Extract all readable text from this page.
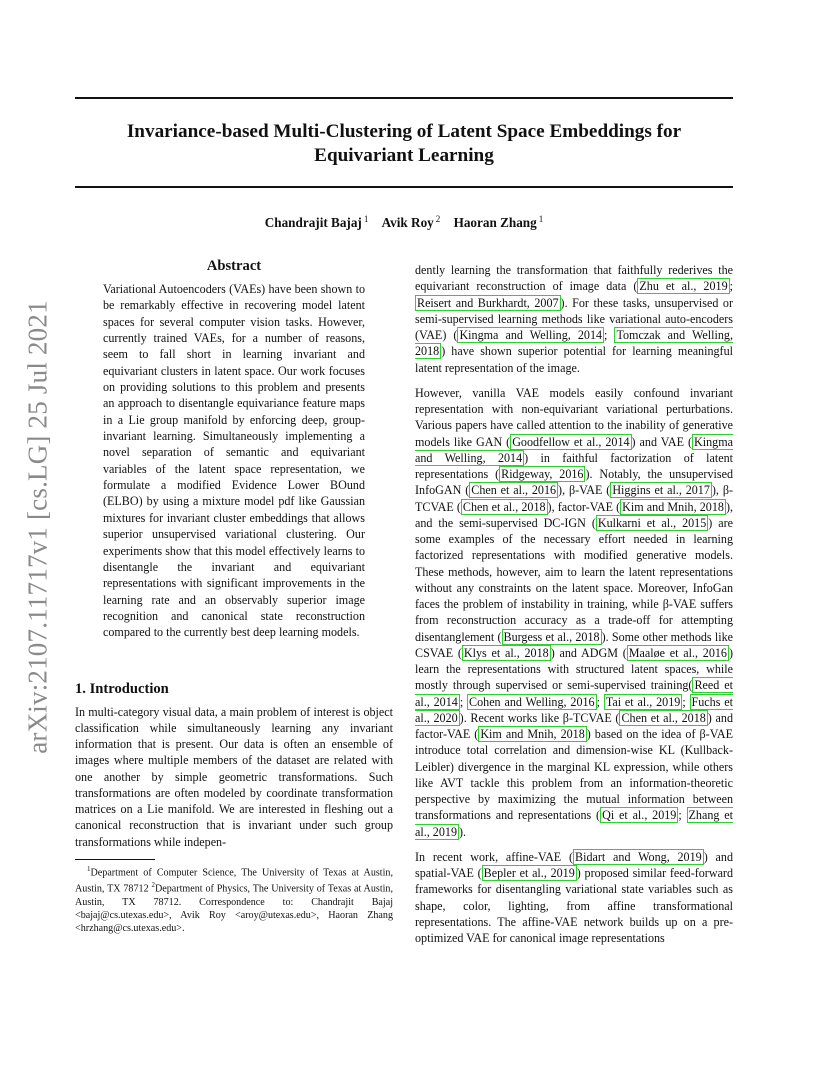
arXiv:2107.11717v1 [cs.LG] 25 Jul 2021
Invariance-based Multi-Clustering of Latent Space Embeddings for
Equivariant Learning
Chandrajit Bajaj $^1$ Avik Roy $^2$ Haoran Zhang $^1$
Abstract

Variational Autoencoders (VAEs) have been shown to be remarkably effective in recovering model latent spaces for several computer vision tasks. However, currently trained VAEs, for a number of reasons, seem to fall short in learning invariant and equivariant clusters in latent space. Our work focuses on providing solutions to this problem and presents an approach to disentangle equivariance feature maps in a Lie group manifold by enforcing deep, group-invariant learning. Simultaneously implementing a novel separation of semantic and equivariant variables of the latent space representation, we formulate a modified Evidence Lower BOund (ELBO) by using a mixture model pdf like Gaussian mixtures for invariant cluster embeddings that allows superior unsupervised variational clustering. Our experiments show that this model effectively learns to disentangle the invariant and equivariant representations with significant improvements in the learning rate and an observably superior image recognition and canonical state reconstruction compared to the currently best deep learning models.

1. Introduction

In multi-category visual data, a main problem of interest is object classification while simultaneously learning any invariant information that is present. Our data is often an ensemble of images where multiple members of the dataset are related with one another by simple geometric transformations. Such transformations are often modeled by coordinate transformation matrices on a Lie manifold. We are interested in fleshing out a canonical reconstruction that is invariant under such group transformations while indepen-

$^1$Department of Computer Science, The University of Texas at Austin, Austin, TX 78712 $^2$Department of Physics, The University of Texas at Austin, Austin, TX 78712. Correspondence to: Chandrajit Bajaj <bajaj@cs.utexas.edu>, Avik Roy <aroy@utexas.edu>, Haoran Zhang <hrzhang@cs.utexas.edu>.

dently learning the transformation that faithfully rederives the equivariant reconstruction of image data ( Zhu et al., 2019 ; Reisert and Burkhardt, 2007 ). For these tasks, unsupervised or semi-supervised learning methods like variational auto-encoders (VAE) ( Kingma and Welling, 2014 ; Tomczak and Welling, 2018 ) have shown superior potential for learning meaningful latent representation of the image.

However, vanilla VAE models easily confound invariant representation with non-equivariant variational perturbations. Various papers have called attention to the inability of generative models like GAN ( Goodfellow et al., 2014 ) and VAE ( Kingma and Welling, 2014 ) in faithful factorization of latent representations ( Ridgeway, 2016 ). Notably, the unsupervised InfoGAN ( Chen et al., 2016 ), β-VAE ( Higgins et al., 2017 ), β-TCVAE ( Chen et al., 2018 ), factor-VAE ( Kim and Mnih, 2018 ), and the semi-supervised DC-IGN ( Kulkarni et al., 2015 ) are some examples of the necessary effort needed in learning factorized representations with modified generative models. These methods, however, aim to learn the latent representations without any constraints on the latent space. Moreover, InfoGan faces the problem of instability in training, while β-VAE suffers from reconstruction accuracy as a trade-off for attempting disentanglement ( Burgess et al., 2018 ). Some other methods like CSVAE ( Klys et al., 2018 ) and ADGM ( Maaløe et al., 2016 ) learn the representations with structured latent spaces, while mostly through supervised or semi-supervised training( Reed et al., 2014 ; Cohen and Welling, 2016 ; Tai et al., 2019 ; Fuchs et al., 2020 ). Recent works like β-TCVAE ( Chen et al., 2018 ) and factor-VAE ( Kim and Mnih, 2018 ) based on the idea of β-VAE introduce total correlation and dimension-wise KL (Kullback-Leibler) divergence in the marginal KL expression, while others like AVT tackle this problem from an information-theoretic perspective by maximizing the mutual information between transformations and representations ( Qi et al., 2019 ; Zhang et al., 2019 ).

In recent work, affine-VAE ( Bidart and Wong, 2019 ) and spatial-VAE ( Bepler et al., 2019 ) proposed similar feed-forward frameworks for disentangling variational state variables such as shape, color, lighting, from affine transformational representations. The affine-VAE network builds up on a pre-optimized VAE for canonical image representations
